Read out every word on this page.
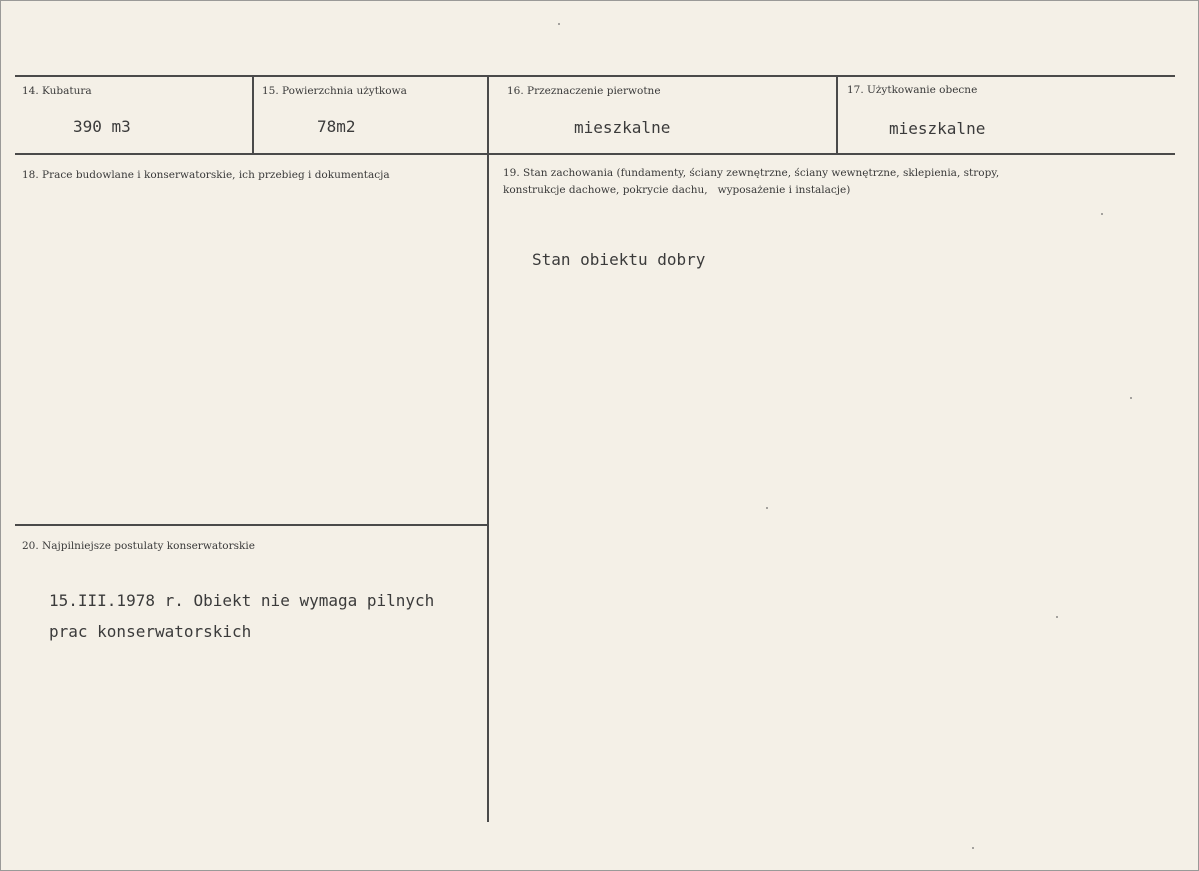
14. Kubatura
390 m3
15. Powierzchnia użytkowa
78m2
16. Przeznaczenie pierwotne
mieszkalne
17. Użytkowanie obecne
mieszkalne
18. Prace budowlane i konserwatorskie, ich przebieg i dokumentacja	19. Stan zachowania (fundamenty, ściany zewnętrzne, ściany wewnętrzne, sklepienia, stropy,
konstrukcje dachowe, pokrycie dachu,   wyposażenie i instalacje)
Stan obiektu dobry
20. Najpilniejsze postulaty konserwatorskie
15.III.1978 r. Obiekt nie wymaga pilnych
prac konserwatorskich
